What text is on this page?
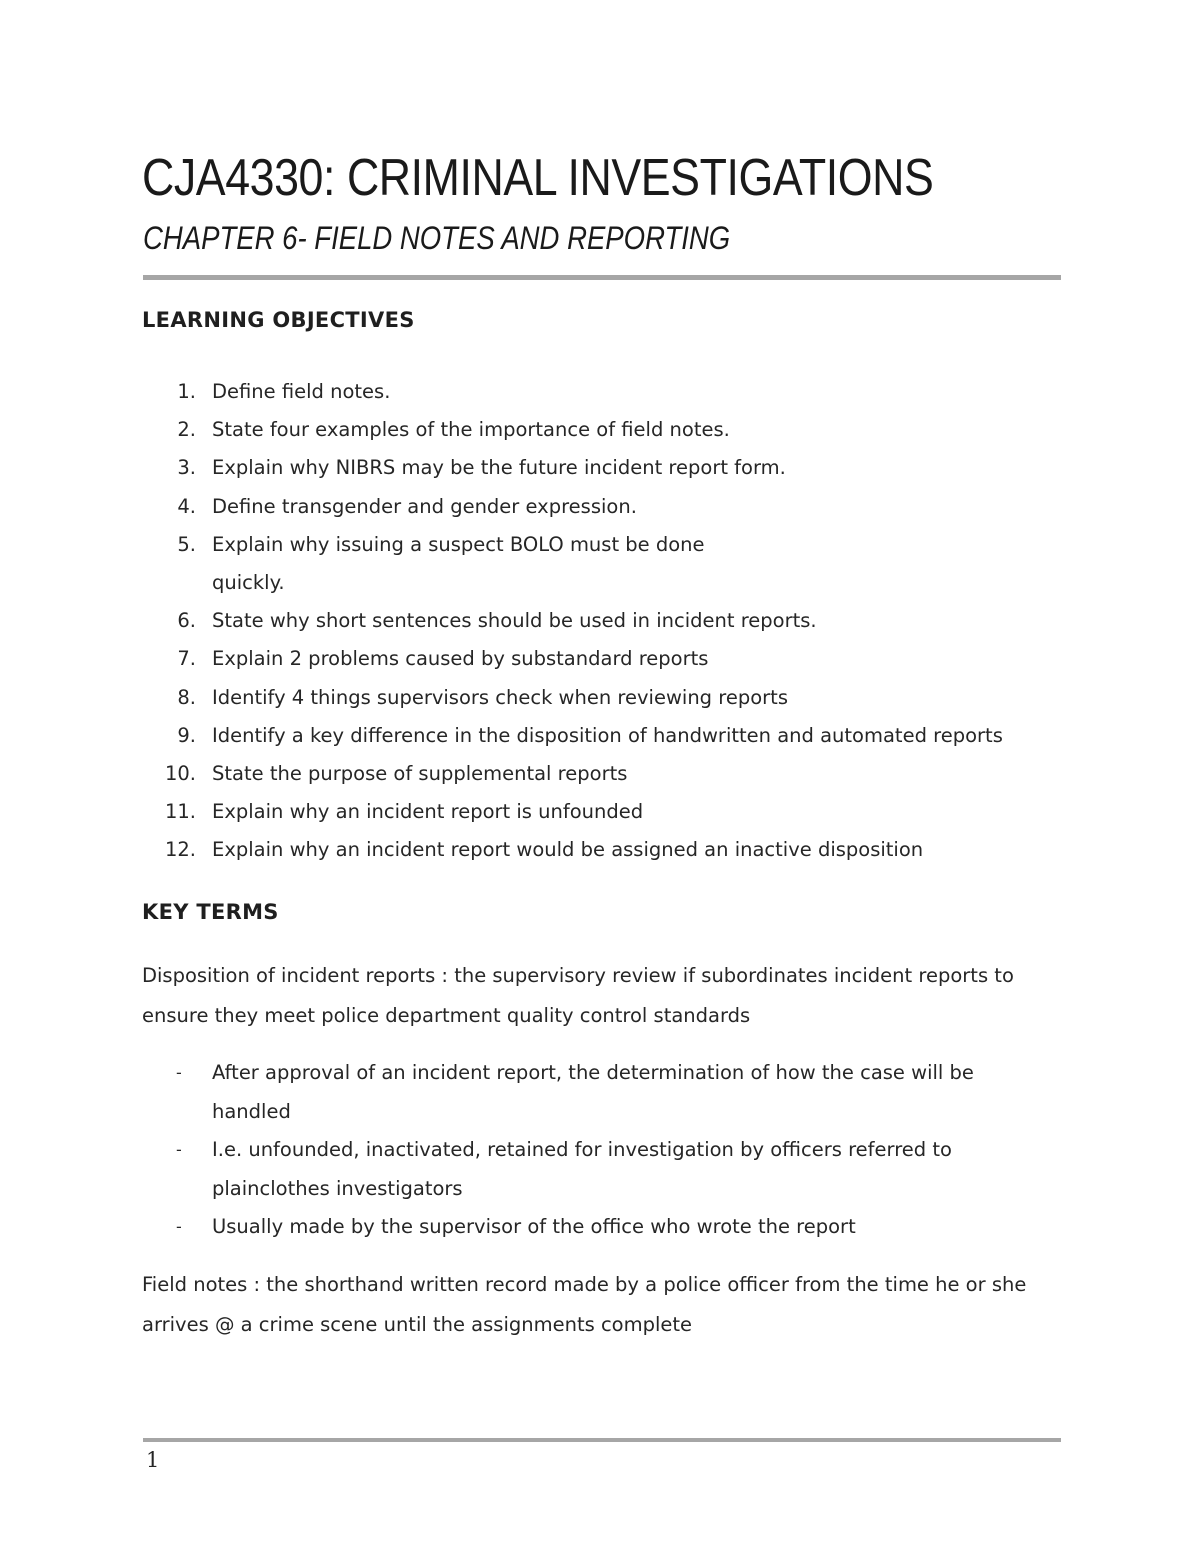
CJA4330: CRIMINAL INVESTIGATIONS
CHAPTER 6- FIELD NOTES AND REPORTING
LEARNING OBJECTIVES
1. Define field notes.
2. State four examples of the importance of field notes.
3. Explain why NIBRS may be the future incident report form.
4. Define transgender and gender expression.
5. Explain why issuing a suspect BOLO must be done
quickly.
6. State why short sentences should be used in incident reports.
7. Explain 2 problems caused by substandard reports
8. Identify 4 things supervisors check when reviewing reports
9. Identify a key difference in the disposition of handwritten and automated reports
10. State the purpose of supplemental reports
11. Explain why an incident report is unfounded
12. Explain why an incident report would be assigned an inactive disposition
KEY TERMS

Disposition of incident reports : the supervisory review if subordinates incident reports to ensure they meet police department quality control standards

- After approval of an incident report, the determination of how the case will be handled
- I.e. unfounded, inactivated, retained for investigation by officers referred to plainclothes investigators
- Usually made by the supervisor of the office who wrote the report

Field notes : the shorthand written record made by a police officer from the time he or she arrives @ a crime scene until the assignments complete

1
